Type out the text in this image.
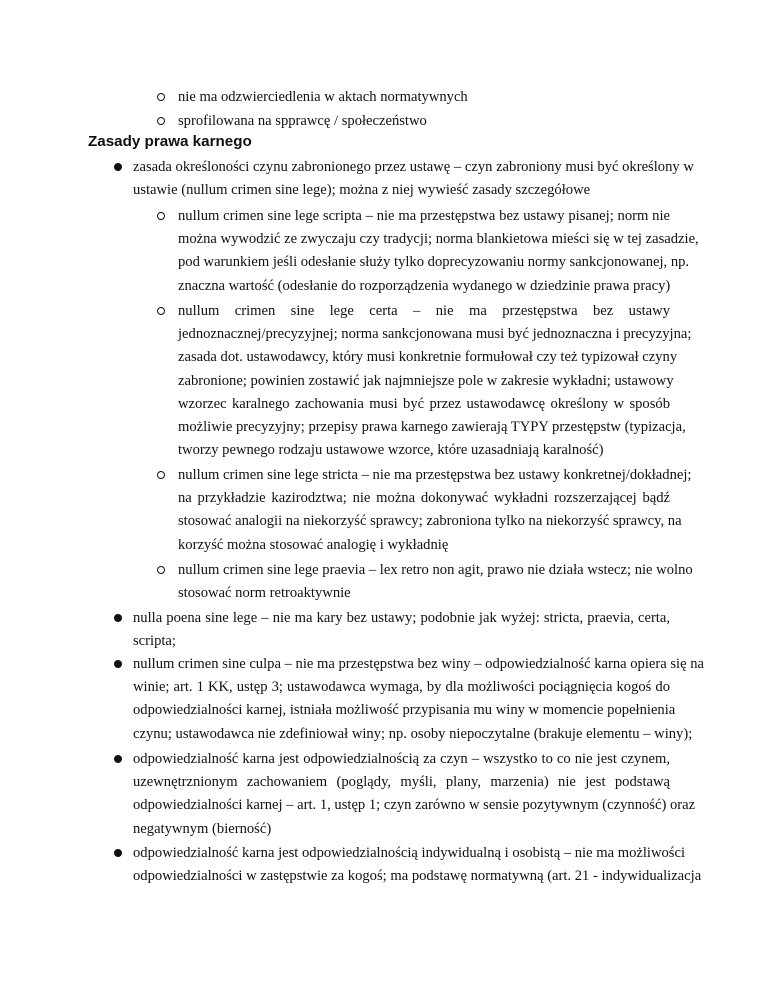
nie ma odzwierciedlenia w aktach normatywnych
sprofilowana na spprawcę / społeczeństwo
Zasady prawa karnego
zasada określoności czynu zabronionego przez ustawę – czyn zabroniony musi być określony w
ustawie (nullum crimen sine lege); można z niej wywieść zasady szczegółowe
nullum crimen sine lege scripta – nie ma przestępstwa bez ustawy pisanej; norm nie
można wywodzić ze zwyczaju czy tradycji; norma blankietowa mieści się w tej zasadzie,
pod warunkiem jeśli odesłanie służy tylko doprecyzowaniu normy sankcjonowanej, np.
znaczna wartość (odesłanie do rozporządzenia wydanego w dziedzinie prawa pracy)
nullum crimen sine lege certa – nie ma przestępstwa bez ustawy
jednoznacznej/precyzyjnej; norma sankcjonowana musi być jednoznaczna i precyzyjna;
zasada dot. ustawodawcy, który musi konkretnie formułował czy też typizował czyny
zabronione; powinien zostawić jak najmniejsze pole w zakresie wykładni; ustawowy
wzorzec karalnego zachowania musi być przez ustawodawcę określony w sposób
możliwie precyzyjny; przepisy prawa karnego zawierają TYPY przestępstw (typizacja,
tworzy pewnego rodzaju ustawowe wzorce, które uzasadniają karalność)
nullum crimen sine lege stricta – nie ma przestępstwa bez ustawy konkretnej/dokładnej;
na przykładzie kazirodztwa; nie można dokonywać wykładni rozszerzającej bądź
stosować analogii na niekorzyść sprawcy; zabroniona tylko na niekorzyść sprawcy, na
korzyść można stosować analogię i wykładnię
nullum crimen sine lege praevia – lex retro non agit, prawo nie działa wstecz; nie wolno
stosować norm retroaktywnie
nulla poena sine lege – nie ma kary bez ustawy; podobnie jak wyżej: stricta, praevia, certa,
scripta;
nullum crimen sine culpa – nie ma przestępstwa bez winy – odpowiedzialność karna opiera się na
winie; art. 1 KK, ustęp 3; ustawodawca wymaga, by dla możliwości pociągnięcia kogoś do
odpowiedzialności karnej, istniała możliwość przypisania mu winy w momencie popełnienia
czynu; ustawodawca nie zdefiniował winy; np. osoby niepoczytalne (brakuje elementu – winy);
odpowiedzialność karna jest odpowiedzialnością za czyn – wszystko to co nie jest czynem,
uzewnętrznionym zachowaniem (poglądy, myśli, plany, marzenia) nie jest podstawą
odpowiedzialności karnej – art. 1, ustęp 1; czyn zarówno w sensie pozytywnym (czynność) oraz
negatywnym (bierność)
odpowiedzialność karna jest odpowiedzialnością indywidualną i osobistą – nie ma możliwości
odpowiedzialności w zastępstwie za kogoś; ma podstawę normatywną (art. 21 - indywidualizacja
